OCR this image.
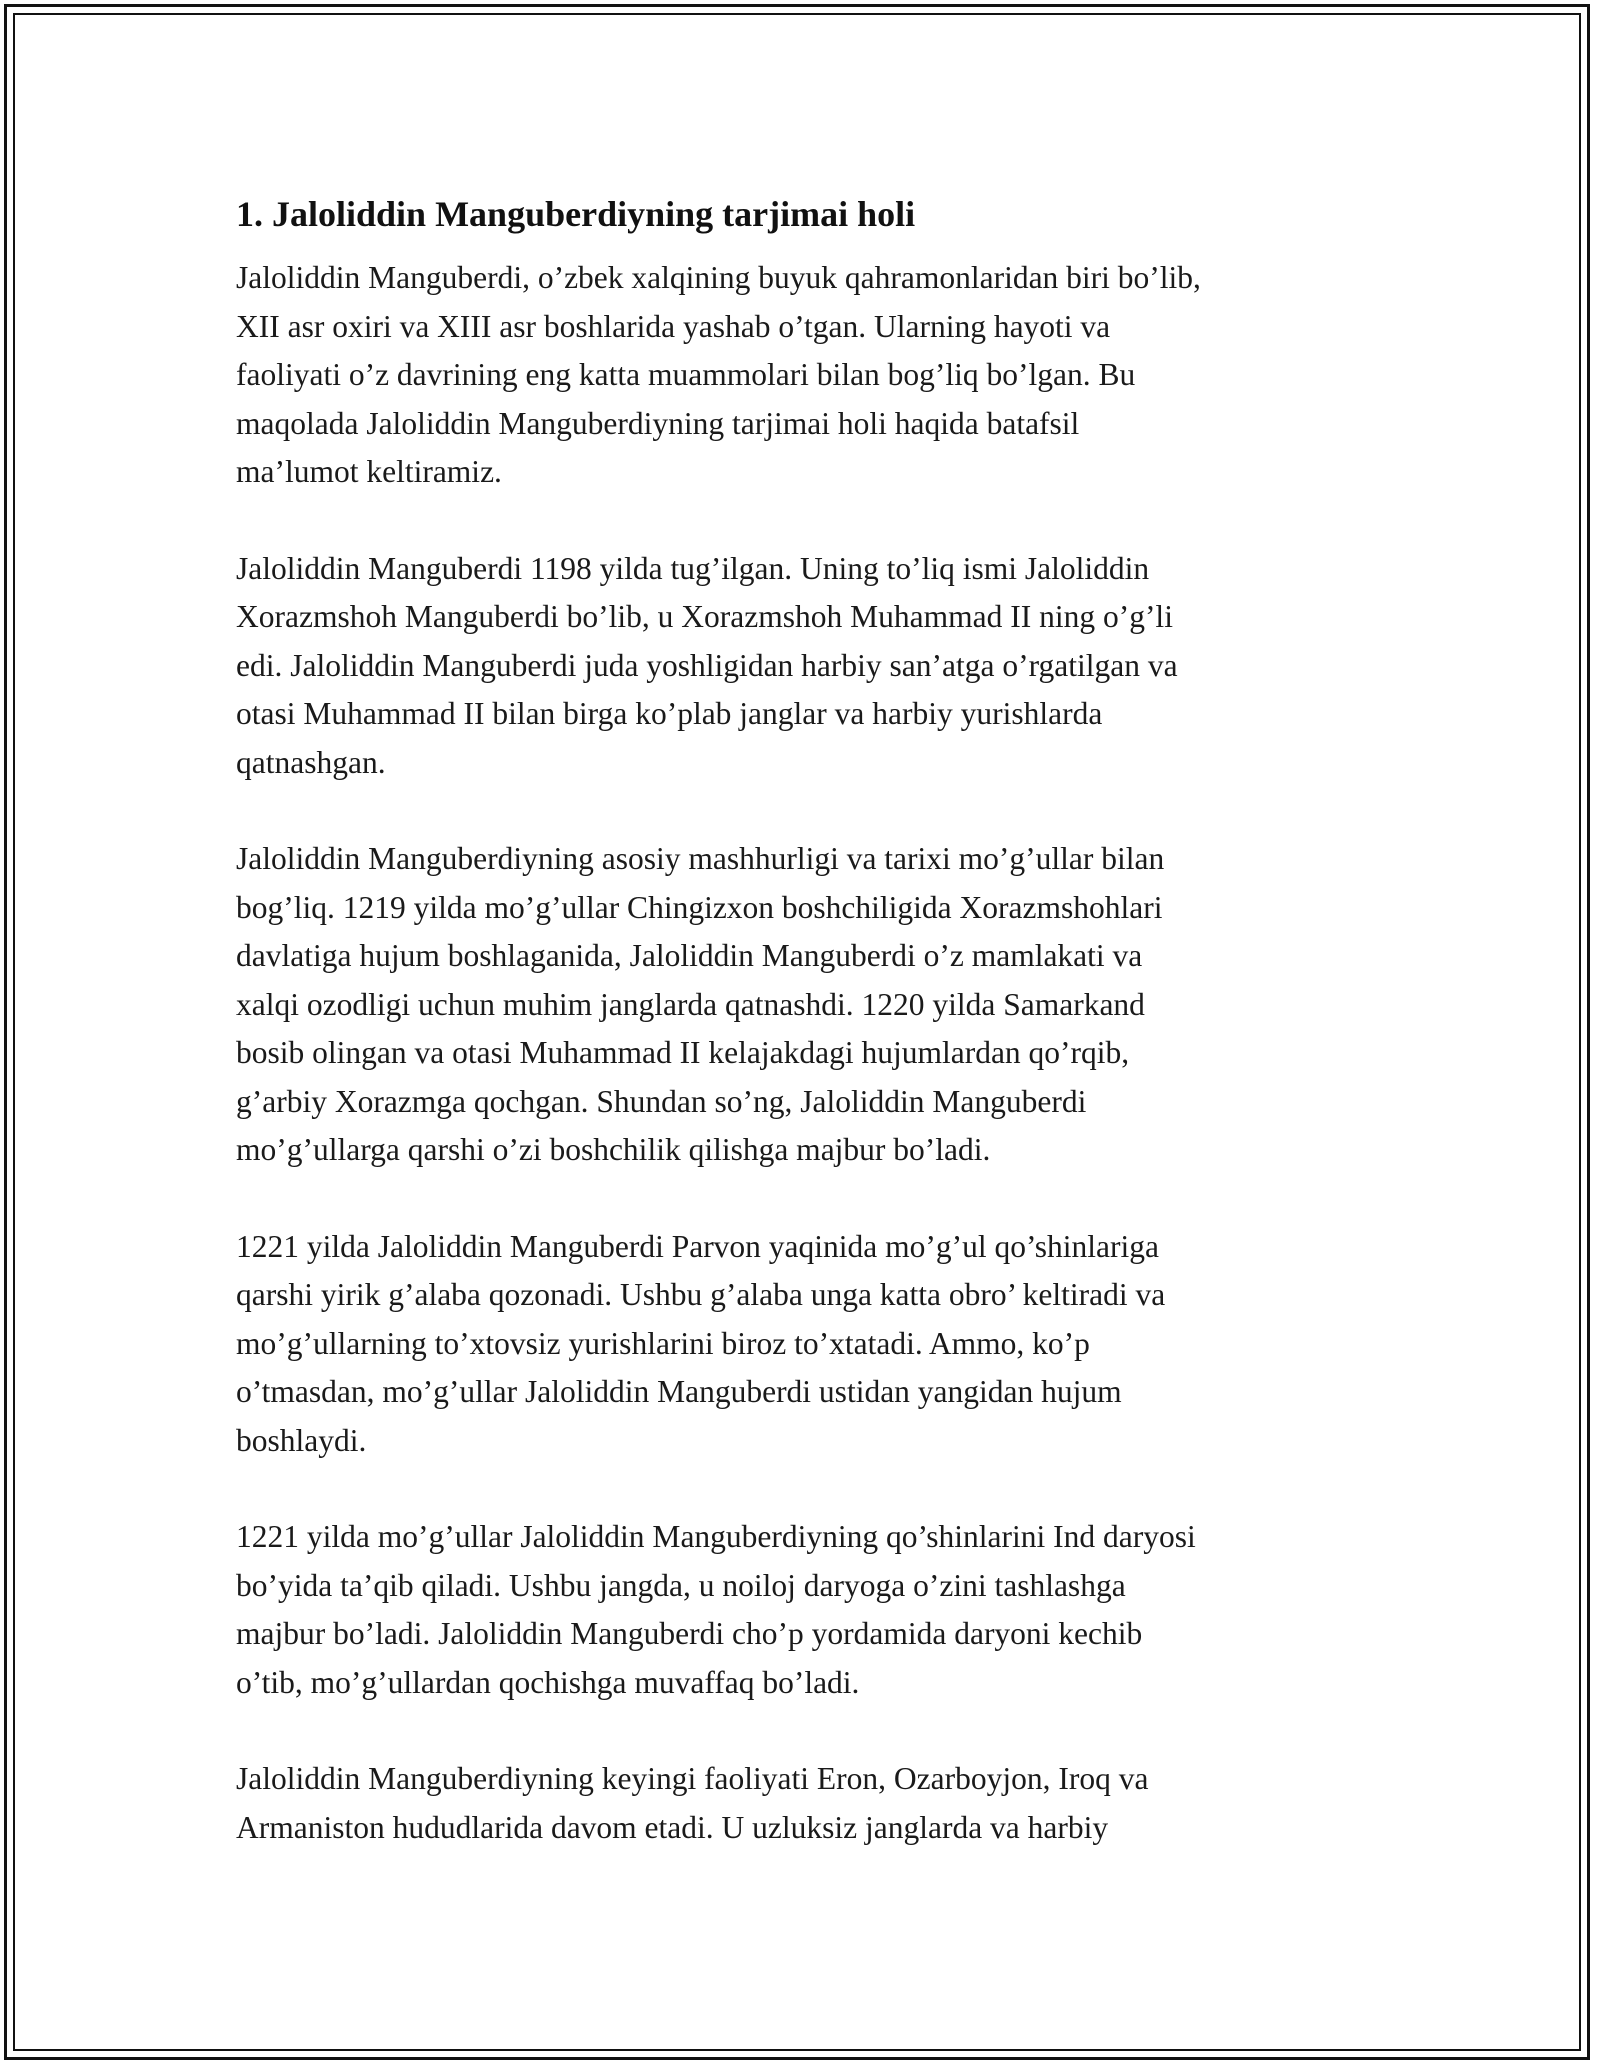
1. Jaloliddin Manguberdiyning tarjimai holi

Jaloliddin Manguberdi, o’zbek xalqining buyuk qahramonlaridan biri bo’lib,
XII asr oxiri va XIII asr boshlarida yashab o’tgan. Ularning hayoti va
faoliyati o’z davrining eng katta muammolari bilan bog’liq bo’lgan. Bu
maqolada Jaloliddin Manguberdiyning tarjimai holi haqida batafsil
ma’lumot keltiramiz.

Jaloliddin Manguberdi 1198 yilda tug’ilgan. Uning to’liq ismi Jaloliddin
Xorazmshoh Manguberdi bo’lib, u Xorazmshoh Muhammad II ning o’g’li
edi. Jaloliddin Manguberdi juda yoshligidan harbiy san’atga o’rgatilgan va
otasi Muhammad II bilan birga ko’plab janglar va harbiy yurishlarda
qatnashgan.

Jaloliddin Manguberdiyning asosiy mashhurligi va tarixi mo’g’ullar bilan
bog’liq. 1219 yilda mo’g’ullar Chingizxon boshchiligida Xorazmshohlari
davlatiga hujum boshlaganida, Jaloliddin Manguberdi o’z mamlakati va
xalqi ozodligi uchun muhim janglarda qatnashdi. 1220 yilda Samarkand
bosib olingan va otasi Muhammad II kelajakdagi hujumlardan qo’rqib,
g’arbiy Xorazmga qochgan. Shundan so’ng, Jaloliddin Manguberdi
mo’g’ullarga qarshi o’zi boshchilik qilishga majbur bo’ladi.

1221 yilda Jaloliddin Manguberdi Parvon yaqinida mo’g’ul qo’shinlariga
qarshi yirik g’alaba qozonadi. Ushbu g’alaba unga katta obro’ keltiradi va
mo’g’ullarning to’xtovsiz yurishlarini biroz to’xtatadi. Ammo, ko’p
o’tmasdan, mo’g’ullar Jaloliddin Manguberdi ustidan yangidan hujum
boshlaydi.

1221 yilda mo’g’ullar Jaloliddin Manguberdiyning qo’shinlarini Ind daryosi
bo’yida ta’qib qiladi. Ushbu jangda, u noiloj daryoga o’zini tashlashga
majbur bo’ladi. Jaloliddin Manguberdi cho’p yordamida daryoni kechib
o’tib, mo’g’ullardan qochishga muvaffaq bo’ladi.

Jaloliddin Manguberdiyning keyingi faoliyati Eron, Ozarboyjon, Iroq va
Armaniston hududlarida davom etadi. U uzluksiz janglarda va harbiy
